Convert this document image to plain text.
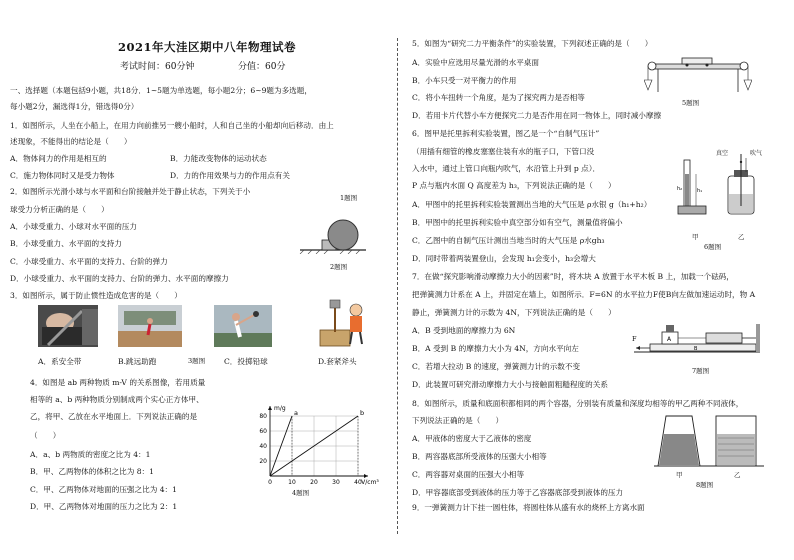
2021年大洼区期中八年物理试卷
考试时间：60分钟	分值：60分
一、选择题（本题包括9小题，共18分．1~5题为单选题，每小题2分；6~9题为多选题，
每小题2分，漏选得1分，错选得0分）
1．如图所示，人坐在小船上，在用力向前推另一艘小船时，人和自己坐的小船却向后移动．由上
述现象，不能得出的结论是（　　）
A．物体间力的作用是相互的	B．力能改变物体的运动状态
C．施力物体同时又是受力物体	D．力的作用效果与力的作用点有关
2．如图所示光滑小球与水平面和台阶接触并处于静止状态，下列关于小
球受力分析正确的是（　　）
1题图
A．小球受重力、小球对水平面的压力
B．小球受重力、水平面的支持力
C．小球受重力、水平面的支持力、台阶的弹力
D．小球受重力、水平面的支持力、台阶的弹力、水平面的摩擦力
2题图
3．如图所示，属于防止惯性造成危害的是（　　）
A．系安全带	B.跳远助跑	3题图 C．投掷铅球	D.套紧斧头
4．如图是 ab 两种物质 m-V 的关系图像，若用质量
相等的 a、b 两种物质分别制成两个实心正方体甲、
乙，将甲、乙放在水平地面上．下列说法正确的是
（　　）
A．a、b 两物质的密度之比为 4：1
B．甲、乙两物体的体积之比为 8：1
C．甲、乙两物体对地面的压强之比为 4：1
D．甲、乙两物体对地面的压力之比为 2：1
0	10 20 30 40
20
40
60
80
V/cm³
m/g
a	b
4题图
5．如图为“研究二力平衡条件”的实验装置，下列叙述正确的是（　　）
A．实验中应选用尽量光滑的水平桌面
B．小车只受一对平衡力的作用
C．将小车扭转一个角度，是为了探究两力是否相等
D．若用卡片代替小车方便探究二力是否作用在同一物体上，同时减小摩擦
5题图
6．图甲是托里拆利实验装置，图乙是一个“自制气压计”
（用插有细管的橡皮塞塞住装有水的瓶子口，下管口没
入水中，通过上管口向瓶内吹气，水沿管上升到 p 点）．
P 点与瓶内水面 Q 高度差为 h₃，下列说法正确的是（　　）
A．甲图中的托里拆利实验装置测出当地的大气压是 ρ水银 g（h₁+h₂）
B．甲图中的托里拆利实验中真空部分如有空气，测量值将偏小
C．乙图中的自制气压计测出当地当时的大气压是 ρ水gh₃
D．同时带着两装置登山，会发现 h₁会变小，h₃会增大
h₁
h₂
真空	吹气
甲	乙
6题图
7．在做“探究影响滑动摩擦力大小的因素”时，将木块 A 放置于水平木板 B 上，加载一个砝码，
把弹簧测力计系在 A 上，并固定在墙上，如图所示．F=6N 的水平拉力F使B向左做加速运动时，物 A
静止，弹簧测力计的示数为 4N，下列说法正确的是（　　）
A．B 受到地面的摩擦力为 6N
B．A 受到 B 的摩擦力大小为 4N，方向水平向左
C．若增大拉动 B 的速度，弹簧测力计的示数不变
D．此装置可研究滑动摩擦力大小与接触面粗糙程度的关系
A
B
F
7题图
8．如图所示，质量和底面积都相同的两个容器，分别装有质量和深度均相等的甲乙两种不同液体，
下列说法正确的是（　　）
A．甲液体的密度大于乙液体的密度
B．两容器底部所受液体的压强大小相等
C．两容器对桌面的压强大小相等
D．甲容器底部受到液体的压力等于乙容器底部受到液体的压力
甲	乙
8题图
9．一弹簧测力计下挂一圆柱体，将圆柱体从盛有水的烧杯上方离水面
